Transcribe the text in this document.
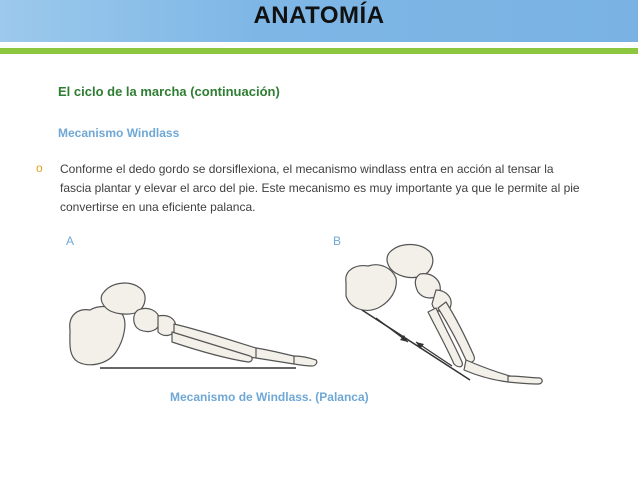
ANATOMÍA
El ciclo de la marcha (continuación)
Mecanismo Windlass
o Conforme el dedo gordo se dorsiflexiona, el mecanismo windlass entra en acción al tensar la fascia plantar y elevar el arco del pie. Este mecanismo es muy importante ya que le permite al pie convertirse en una eficiente palanca.
A	B
Mecanismo de Windlass. (Palanca)
